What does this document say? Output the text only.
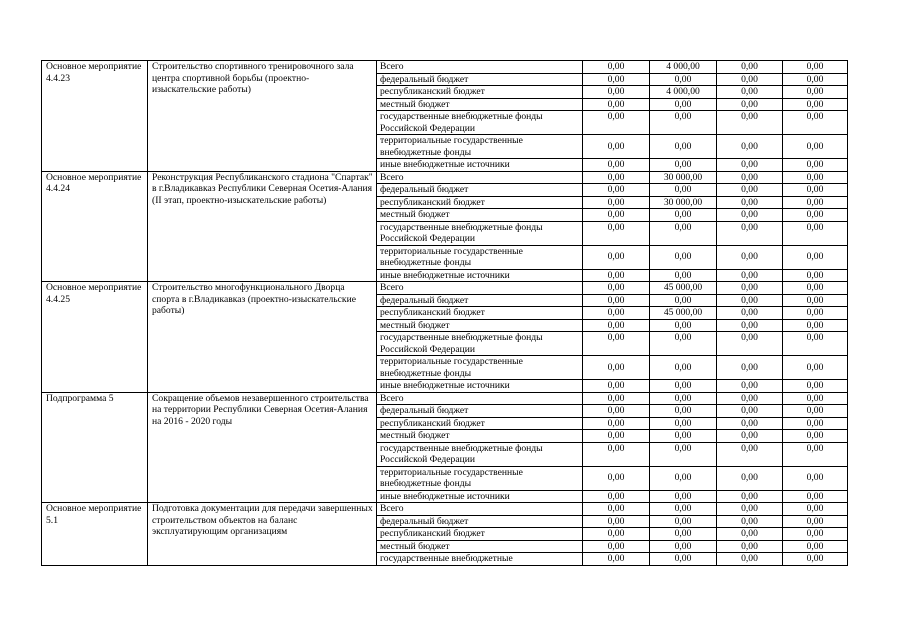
Основное мероприятие 4.4.23	Строительство спортивного тренировочного зала центра спортивной борьбы (проектно-изыскательские работы)	Всего	0,00	4 000,00	0,00	0,00
		федеральный бюджет	0,00	0,00	0,00	0,00
		республиканский бюджет	0,00	4 000,00	0,00	0,00
		местный бюджет	0,00	0,00	0,00	0,00
		государственные внебюджетные фонды Российской Федерации	0,00	0,00	0,00	0,00
		территориальные государственные внебюджетные фонды	0,00	0,00	0,00	0,00
		иные внебюджетные источники	0,00	0,00	0,00	0,00
Основное мероприятие 4.4.24	Реконструкция Республиканского стадиона "Спартак" в г.Владикавказ Республики Северная Осетия-Алания (II этап, проектно-изыскательские работы)	Всего	0,00	30 000,00	0,00	0,00
		федеральный бюджет	0,00	0,00	0,00	0,00
		республиканский бюджет	0,00	30 000,00	0,00	0,00
		местный бюджет	0,00	0,00	0,00	0,00
		государственные внебюджетные фонды Российской Федерации	0,00	0,00	0,00	0,00
		территориальные государственные внебюджетные фонды	0,00	0,00	0,00	0,00
		иные внебюджетные источники	0,00	0,00	0,00	0,00
Основное мероприятие 4.4.25	Строительство многофункционального Дворца спорта в г.Владикавказ (проектно-изыскательские работы)	Всего	0,00	45 000,00	0,00	0,00
		федеральный бюджет	0,00	0,00	0,00	0,00
		республиканский бюджет	0,00	45 000,00	0,00	0,00
		местный бюджет	0,00	0,00	0,00	0,00
		государственные внебюджетные фонды Российской Федерации	0,00	0,00	0,00	0,00
		территориальные государственные внебюджетные фонды	0,00	0,00	0,00	0,00
		иные внебюджетные источники	0,00	0,00	0,00	0,00
Подпрограмма 5	Сокращение объемов незавершенного строительства на территории Республики Северная Осетия-Алания на 2016 - 2020 годы	Всего	0,00	0,00	0,00	0,00
		федеральный бюджет	0,00	0,00	0,00	0,00
		республиканский бюджет	0,00	0,00	0,00	0,00
		местный бюджет	0,00	0,00	0,00	0,00
		государственные внебюджетные фонды Российской Федерации	0,00	0,00	0,00	0,00
		территориальные государственные внебюджетные фонды	0,00	0,00	0,00	0,00
		иные внебюджетные источники	0,00	0,00	0,00	0,00
Основное мероприятие 5.1	Подготовка документации для передачи завершенных строительством объектов на баланс эксплуатирующим организациям	Всего	0,00	0,00	0,00	0,00
		федеральный бюджет	0,00	0,00	0,00	0,00
		республиканский бюджет	0,00	0,00	0,00	0,00
		местный бюджет	0,00	0,00	0,00	0,00
		государственные внебюджетные	0,00	0,00	0,00	0,00
